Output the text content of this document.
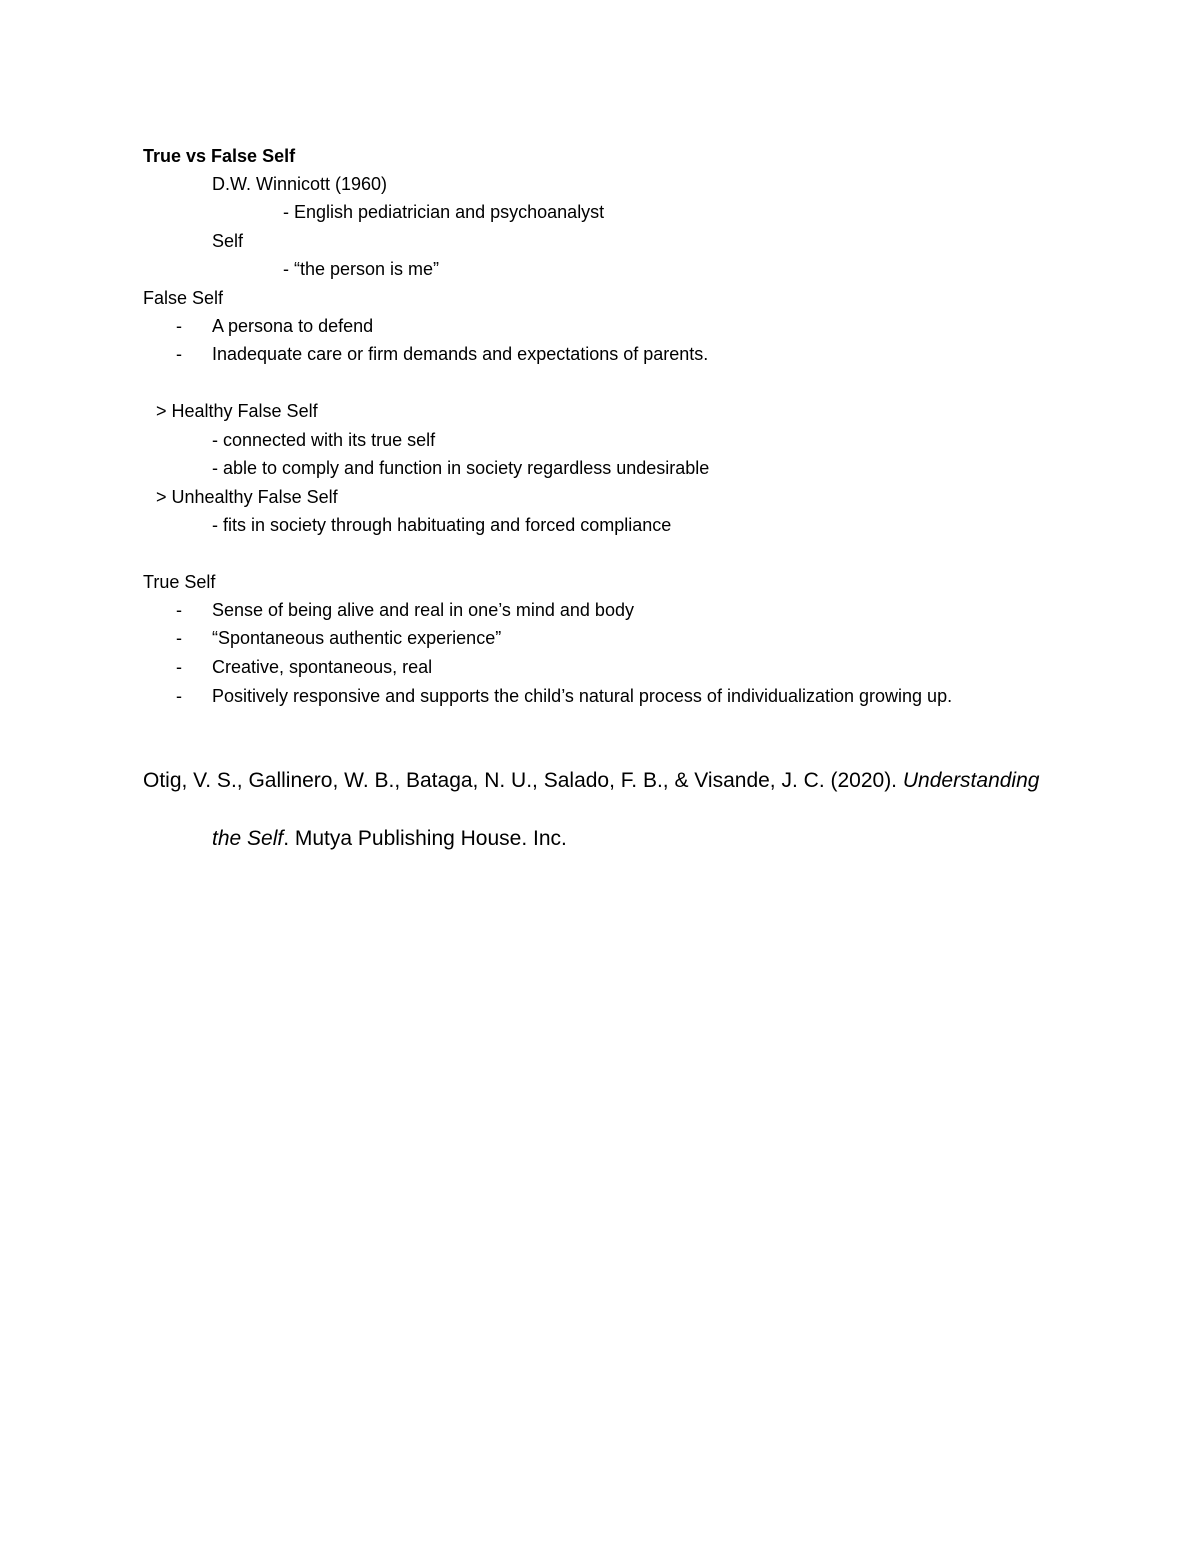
True vs False Self
D.W. Winnicott (1960)
- English pediatrician and psychoanalyst
Self
- “the person is me”
False Self
- A persona to defend
- Inadequate care or firm demands and expectations of parents.
> Healthy False Self
- connected with its true self
- able to comply and function in society regardless undesirable
> Unhealthy False Self
- fits in society through habituating and forced compliance
True Self
- Sense of being alive and real in one’s mind and body
- “Spontaneous authentic experience”
- Creative, spontaneous, real
- Positively responsive and supports the child’s natural process of individualization growing up.
Otig, V. S., Gallinero, W. B., Bataga, N. U., Salado, F. B., & Visande, J. C. (2020). Understanding
the Self. Mutya Publishing House. Inc.
